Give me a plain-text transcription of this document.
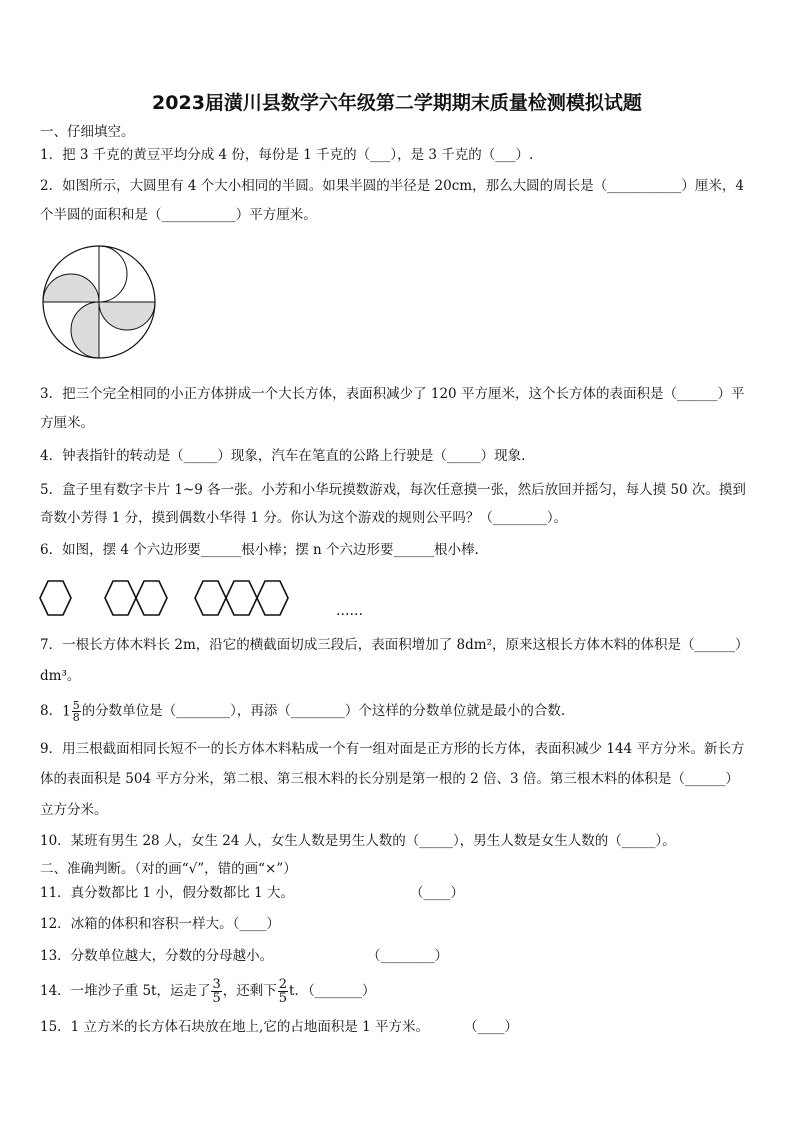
2023届潢川县数学六年级第二学期期末质量检测模拟试题
一、仔细填空。
1．把 3 千克的黄豆平均分成 4 份，每份是 1 千克的（___），是 3 千克的（___）.
2．如图所示，大圆里有 4 个大小相同的半圆。如果半圆的半径是 20cm，那么大圆的周长是（___________）厘米，4
个半圆的面积和是（___________）平方厘米。
3．把三个完全相同的小正方体拼成一个大长方体，表面积减少了 120 平方厘米，这个长方体的表面积是（______）平
方厘米。
4．钟表指针的转动是（_____）现象，汽车在笔直的公路上行驶是（_____）现象.
5．盒子里有数字卡片 1~9 各一张。小芳和小华玩摸数游戏，每次任意摸一张，然后放回并摇匀，每人摸 50 次。摸到
奇数小芳得 1 分，摸到偶数小华得 1 分。你认为这个游戏的规则公平吗？（________）。
6．如图，摆 4 个六边形要______根小棒；摆 n 个六边形要______根小棒.
……
7．一根长方体木料长 2m，沿它的横截面切成三段后，表面积增加了 8dm²，原来这根长方体木料的体积是（______）
dm³。
8．$1 \frac{5}{8}$ 的分数单位是（________），再添（________）个这样的分数单位就是最小的合数.
9．用三根截面相同长短不一的长方体木料粘成一个有一组对面是正方形的长方体，表面积减少 144 平方分米。新长方
体的表面积是 504 平方分米，第二根、第三根木料的长分别是第一根的 2 倍、3 倍。第三根木料的体积是（______）
立方分米。
10．某班有男生 28 人，女生 24 人，女生人数是男生人数的（_____），男生人数是女生人数的（_____）。
二、准确判断。（对的画“√”，错的画“×”）
11．真分数都比 1 小，假分数都比 1 大。	（____）
12．冰箱的体积和容积一样大。（____）
13．分数单位越大，分数的分母越小。	（________）
14．一堆沙子重 5t，运走了 $\frac{3}{5}$ ，还剩下 $\frac{2}{5}$ t．（_______）
15．1 立方米的长方体石块放在地上,它的占地面积是 1 平方米。	（____）
